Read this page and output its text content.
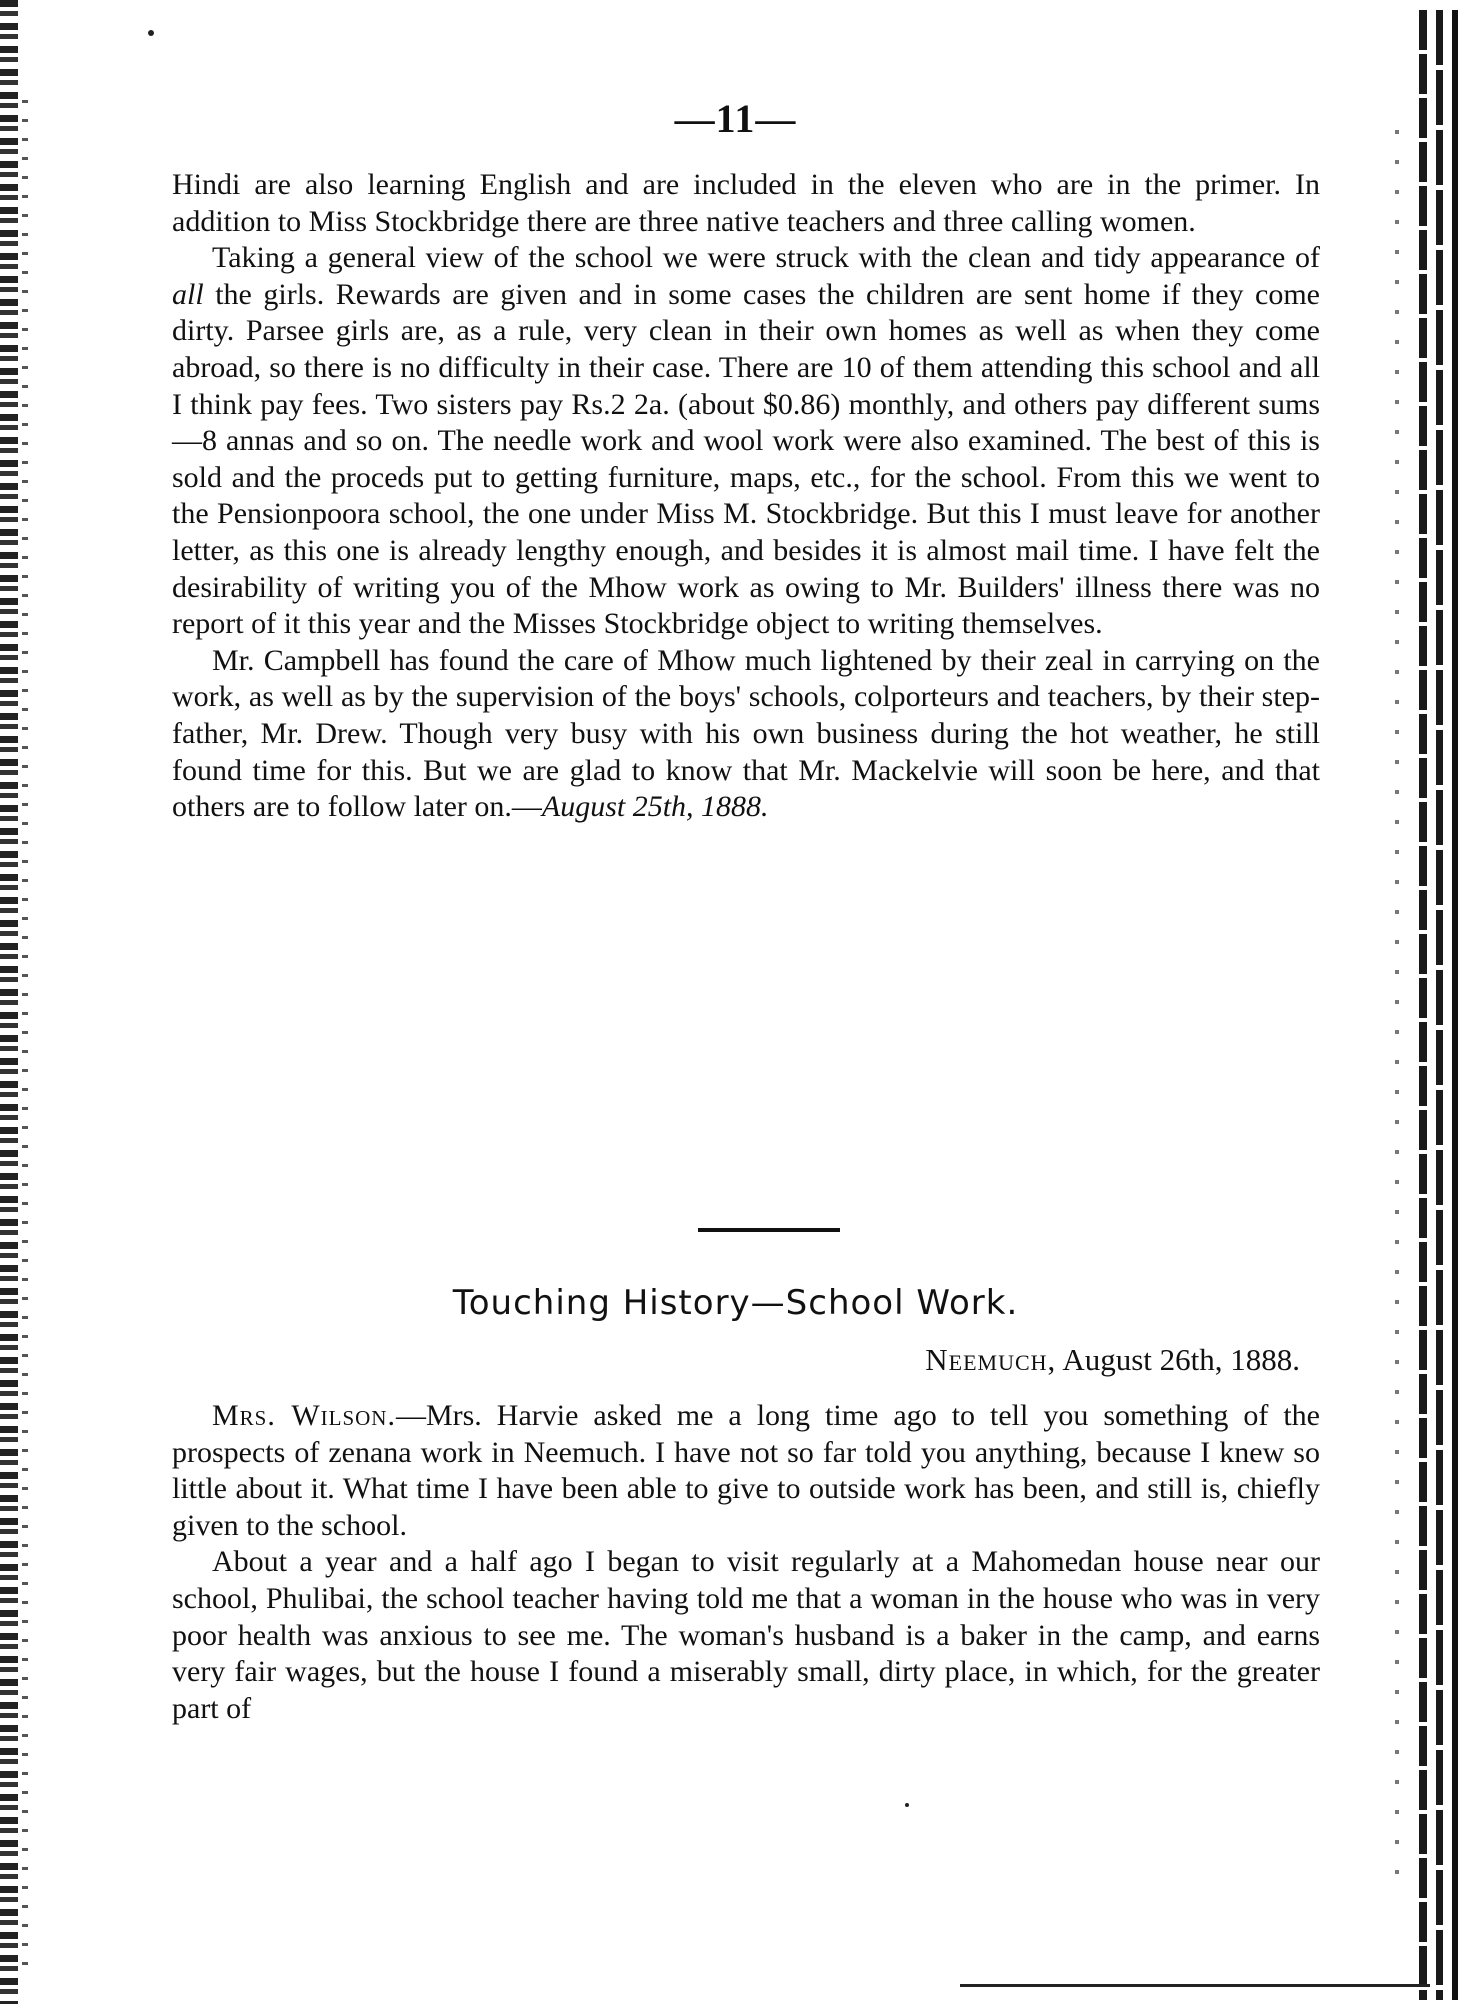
—11—

Hindi are also learning English and are included in the eleven who are in the primer. In addition to Miss Stockbridge there are three native teachers and three calling women.

Taking a general view of the school we were struck with the clean and tidy appearance of all the girls. Rewards are given and in some cases the children are sent home if they come dirty. Parsee girls are, as a rule, very clean in their own homes as well as when they come abroad, so there is no difficulty in their case. There are 10 of them attending this school and all I think pay fees. Two sisters pay Rs.2 2a. (about $0.86) monthly, and others pay different sums—8 annas and so on. The needle work and wool work were also examined. The best of this is sold and the proceds put to getting furniture, maps, etc., for the school. From this we went to the Pensionpoora school, the one under Miss M. Stockbridge. But this I must leave for another letter, as this one is already lengthy enough, and besides it is almost mail time. I have felt the desirability of writing you of the Mhow work as owing to Mr. Builders' illness there was no report of it this year and the Misses Stockbridge object to writing themselves.

Mr. Campbell has found the care of Mhow much lightened by their zeal in carrying on the work, as well as by the supervision of the boys' schools, colporteurs and teachers, by their step-father, Mr. Drew. Though very busy with his own business during the hot weather, he still found time for this. But we are glad to know that Mr. Mackelvie will soon be here, and that others are to follow later on.—August 25th, 1888.

Touching History—School Work.
Neemuch, August 26th, 1888.

Mrs. Wilson.—Mrs. Harvie asked me a long time ago to tell you something of the prospects of zenana work in Neemuch. I have not so far told you anything, because I knew so little about it. What time I have been able to give to outside work has been, and still is, chiefly given to the school.

About a year and a half ago I began to visit regularly at a Mahomedan house near our school, Phulibai, the school teacher having told me that a woman in the house who was in very poor health was anxious to see me. The woman's husband is a baker in the camp, and earns very fair wages, but the house I found a miserably small, dirty place, in which, for the greater part of
